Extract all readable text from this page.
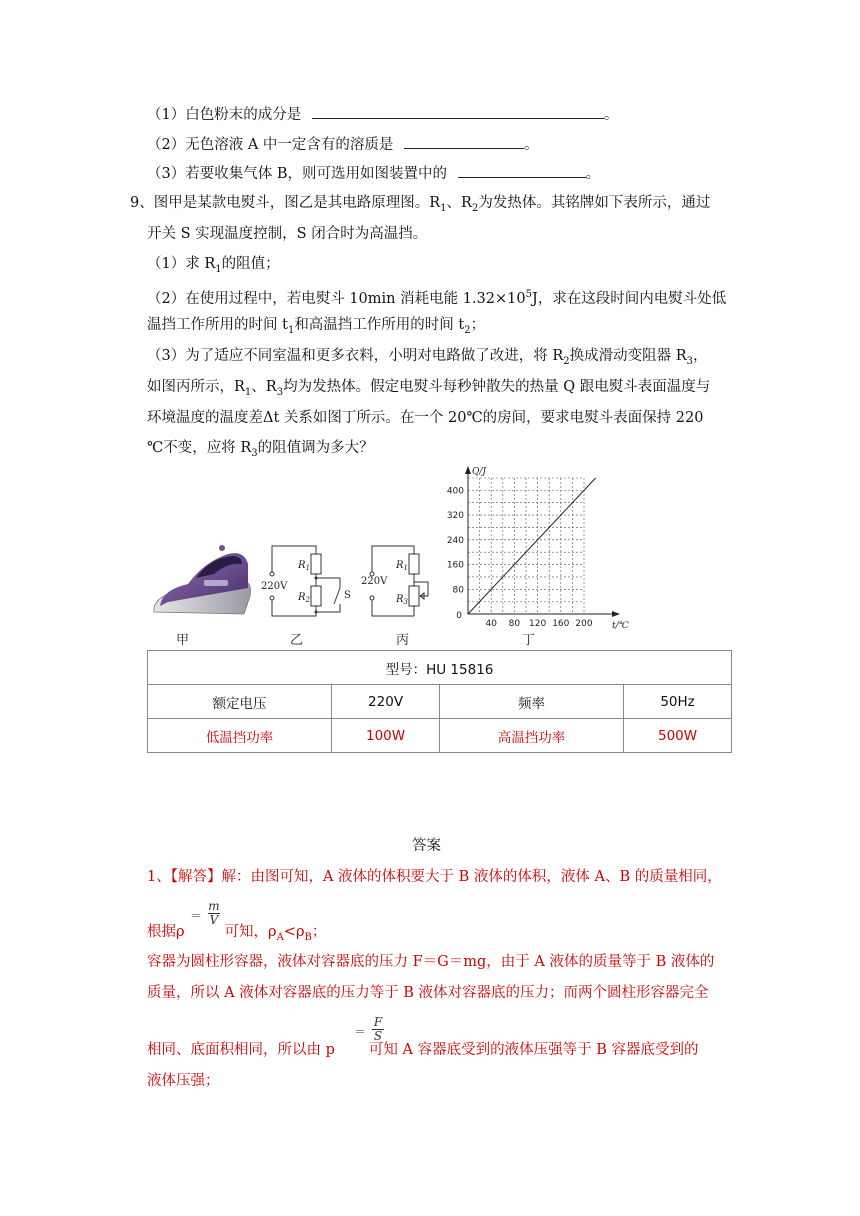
（1）白色粉末的成分是	。
（2）无色溶液 A 中一定含有的溶质是	。
（3）若要收集气体 B，则可选用如图装置中的	。
9、图甲是某款电熨斗，图乙是其电路原理图。$R_1$、$R_2$为发热体。其铭牌如下表所示，通过
开关 S 实现温度控制，S 闭合时为高温挡。
（1）求 $R_1$的阻值；
（2）在使用过程中，若电熨斗 10min 消耗电能 $1.32\times 10^5J$，求在这段时间内电熨斗处低
温挡工作所用的时间 $t_1$和高温挡工作所用的时间 $t_2$；
（3）为了适应不同室温和更多衣料，小明对电路做了改进，将 $R_2$换成滑动变阻器 $R_3$，
如图丙所示，$R_1$、$R_3$均为发热体。假定电熨斗每秒钟散失的热量 Q 跟电熨斗表面温度与
环境温度的温度差Δt 关系如图丁所示。在一个 20℃的房间，要求电熨斗表面保持 220
℃不变，应将 $R_3$的阻值调为多大？
甲
220V
$R_1$
$R_2$	S
乙
220V
$R_1$
$R_3$
丙
40 80 120 160 200
80
160
240
320
400
0
Q/J
t/℃
丁
型号：HU 15816			
额定电压	220V	频率	50Hz
低温挡功率	100W	高温挡功率	500W
答案
1、【解答】解：由图可知，A 液体的体积要大于 B 液体的体积，液体 A、B 的质量相同，
＝
m
V
根据ρ	可知，$\rho_A<\rho_B$；
容器为圆柱形容器，液体对容器底的压力 F＝G＝mg，由于 A 液体的质量等于 B 液体的
质量，所以 A 液体对容器底的压力等于 B 液体对容器底的压力；而两个圆柱形容器完全
＝
F
S
相同、底面积相同，所以由 p 可知 A 容器底受到的液体压强等于 B 容器底受到的
液体压强；
